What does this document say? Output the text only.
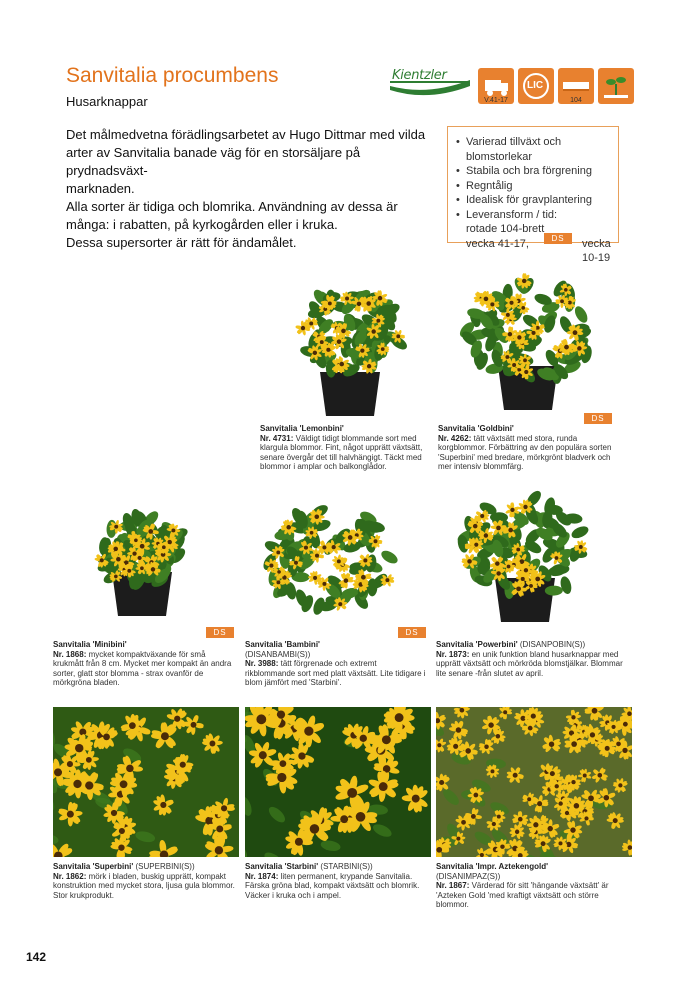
Sanvitalia procumbens
Husarknappar
Kientzler
V.41-17
LIC
104

Det målmedvetna förädlingsarbetet av Hugo Dittmar med vilda

arter av Sanvitalia banade väg för en storsäljare på prydnadsväxt-

marknaden.

Alla sorter är tidiga och blomrika. Användning av dessa är

många: i rabatten, på kyrkogården eller i kruka.

Dessa supersorter är rätt för ändamålet.

• Varierad tillväxt och blomstorlekar
• Stabila och bra förgrening
• Regntålig
• Idealisk för gravplantering
• Leveransform / tid:
rotade 104-brett
vecka 41-17,	DS	vecka 10-19
DS
DS	DS
Sanvitalia 'Lemonbini'
Nr. 4731: Väldigt tidigt blommande sort med klargula blommor. Fint, något upprätt växtsätt, senare övergår det till halvhängigt. Täckt med blommor i amplar och balkonglådor.
Sanvitalia 'Goldbini'
Nr. 4262: tätt växtsätt med stora, runda korgblommor. Förbättring av den populära sorten 'Superbini' med bredare, mörkgrönt bladverk och mer intensiv blommfärg.
Sanvitalia 'Minibini'
Nr. 1868: mycket kompaktväxande för små krukmått från 8 cm. Mycket mer kompakt än andra sorter, glatt stor blomma - strax ovanför de mörkgröna bladen.
Sanvitalia 'Bambini'
(DISANBAMBI(S))
Nr. 3988: tätt förgrenade och extremt rikblommande sort med platt växtsätt. Lite tidigare i blom jämfört med 'Starbini'.
Sanvitalia 'Powerbini' (DISANPOBIN(S))
Nr. 1873: en unik funktion bland husarknappar med upprätt växtsätt och mörkröda blomstjälkar. Blommar lite senare -från slutet av april.
Sanvitalia 'Superbini' (SUPERBINI(S))
Nr. 1862: mörk i bladen, buskig upprätt, kompakt konstruktion med mycket stora, ljusa gula blommor. Stor krukprodukt.
Sanvitalia 'Starbini' (STARBINI(S))
Nr. 1874: liten permanent, krypande Sanvitalia. Färska gröna blad, kompakt växtsätt och blomrik. Väcker i kruka och i ampel.
Sanvitalia 'Impr. Aztekengold'
(DISANIMPAZ(S))
Nr. 1867: Värderad för sitt 'hängande växtsätt' är 'Azteken Gold 'med kraftigt växtsätt och större blommor.
142
